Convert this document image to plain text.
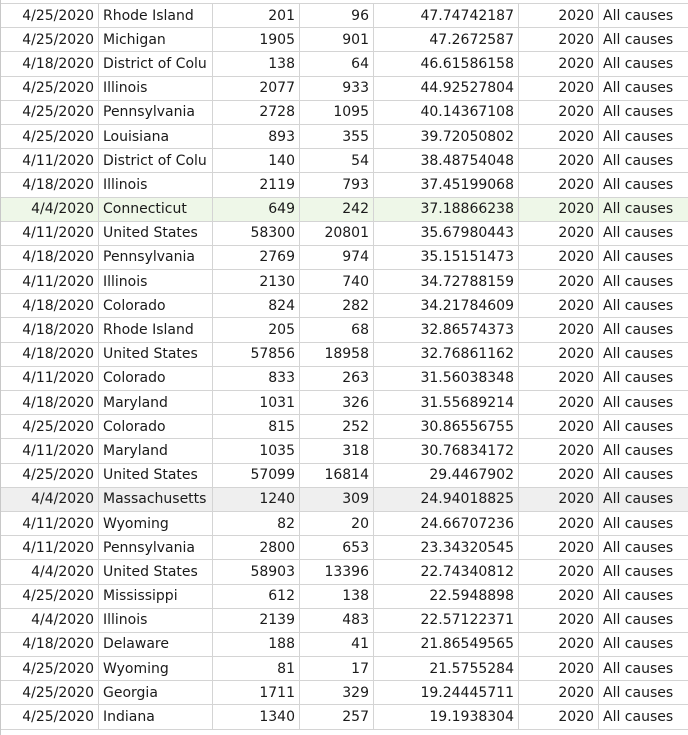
4/25/2020 Rhode Island	201	96	47.74742187	2020 All causes
4/25/2020 Michigan	1905	901	47.2672587	2020 All causes
4/18/2020 District of Colu	138	64	46.61586158	2020 All causes
4/25/2020 Illinois	2077	933	44.92527804	2020 All causes
4/25/2020 Pennsylvania	2728	1095	40.14367108	2020 All causes
4/25/2020 Louisiana	893	355	39.72050802	2020 All causes
4/11/2020 District of Colu	140	54	38.48754048	2020 All causes
4/18/2020 Illinois	2119	793	37.45199068	2020 All causes
4/4/2020 Connecticut	649	242	37.18866238	2020 All causes
4/11/2020 United States	58300	20801	35.67980443	2020 All causes
4/18/2020 Pennsylvania	2769	974	35.15151473	2020 All causes
4/11/2020 Illinois	2130	740	34.72788159	2020 All causes
4/18/2020 Colorado	824	282	34.21784609	2020 All causes
4/18/2020 Rhode Island	205	68	32.86574373	2020 All causes
4/18/2020 United States	57856	18958	32.76861162	2020 All causes
4/11/2020 Colorado	833	263	31.56038348	2020 All causes
4/18/2020 Maryland	1031	326	31.55689214	2020 All causes
4/25/2020 Colorado	815	252	30.86556755	2020 All causes
4/11/2020 Maryland	1035	318	30.76834172	2020 All causes
4/25/2020 United States	57099	16814	29.4467902	2020 All causes
4/4/2020 Massachusetts	1240	309	24.94018825	2020 All causes
4/11/2020 Wyoming	82	20	24.66707236	2020 All causes
4/11/2020 Pennsylvania	2800	653	23.34320545	2020 All causes
4/4/2020 United States	58903	13396	22.74340812	2020 All causes
4/25/2020 Mississippi	612	138	22.5948898	2020 All causes
4/4/2020 Illinois	2139	483	22.57122371	2020 All causes
4/18/2020 Delaware	188	41	21.86549565	2020 All causes
4/25/2020 Wyoming	81	17	21.5755284	2020 All causes
4/25/2020 Georgia	1711	329	19.24445711	2020 All causes
4/25/2020 Indiana	1340	257	19.1938304	2020 All causes
